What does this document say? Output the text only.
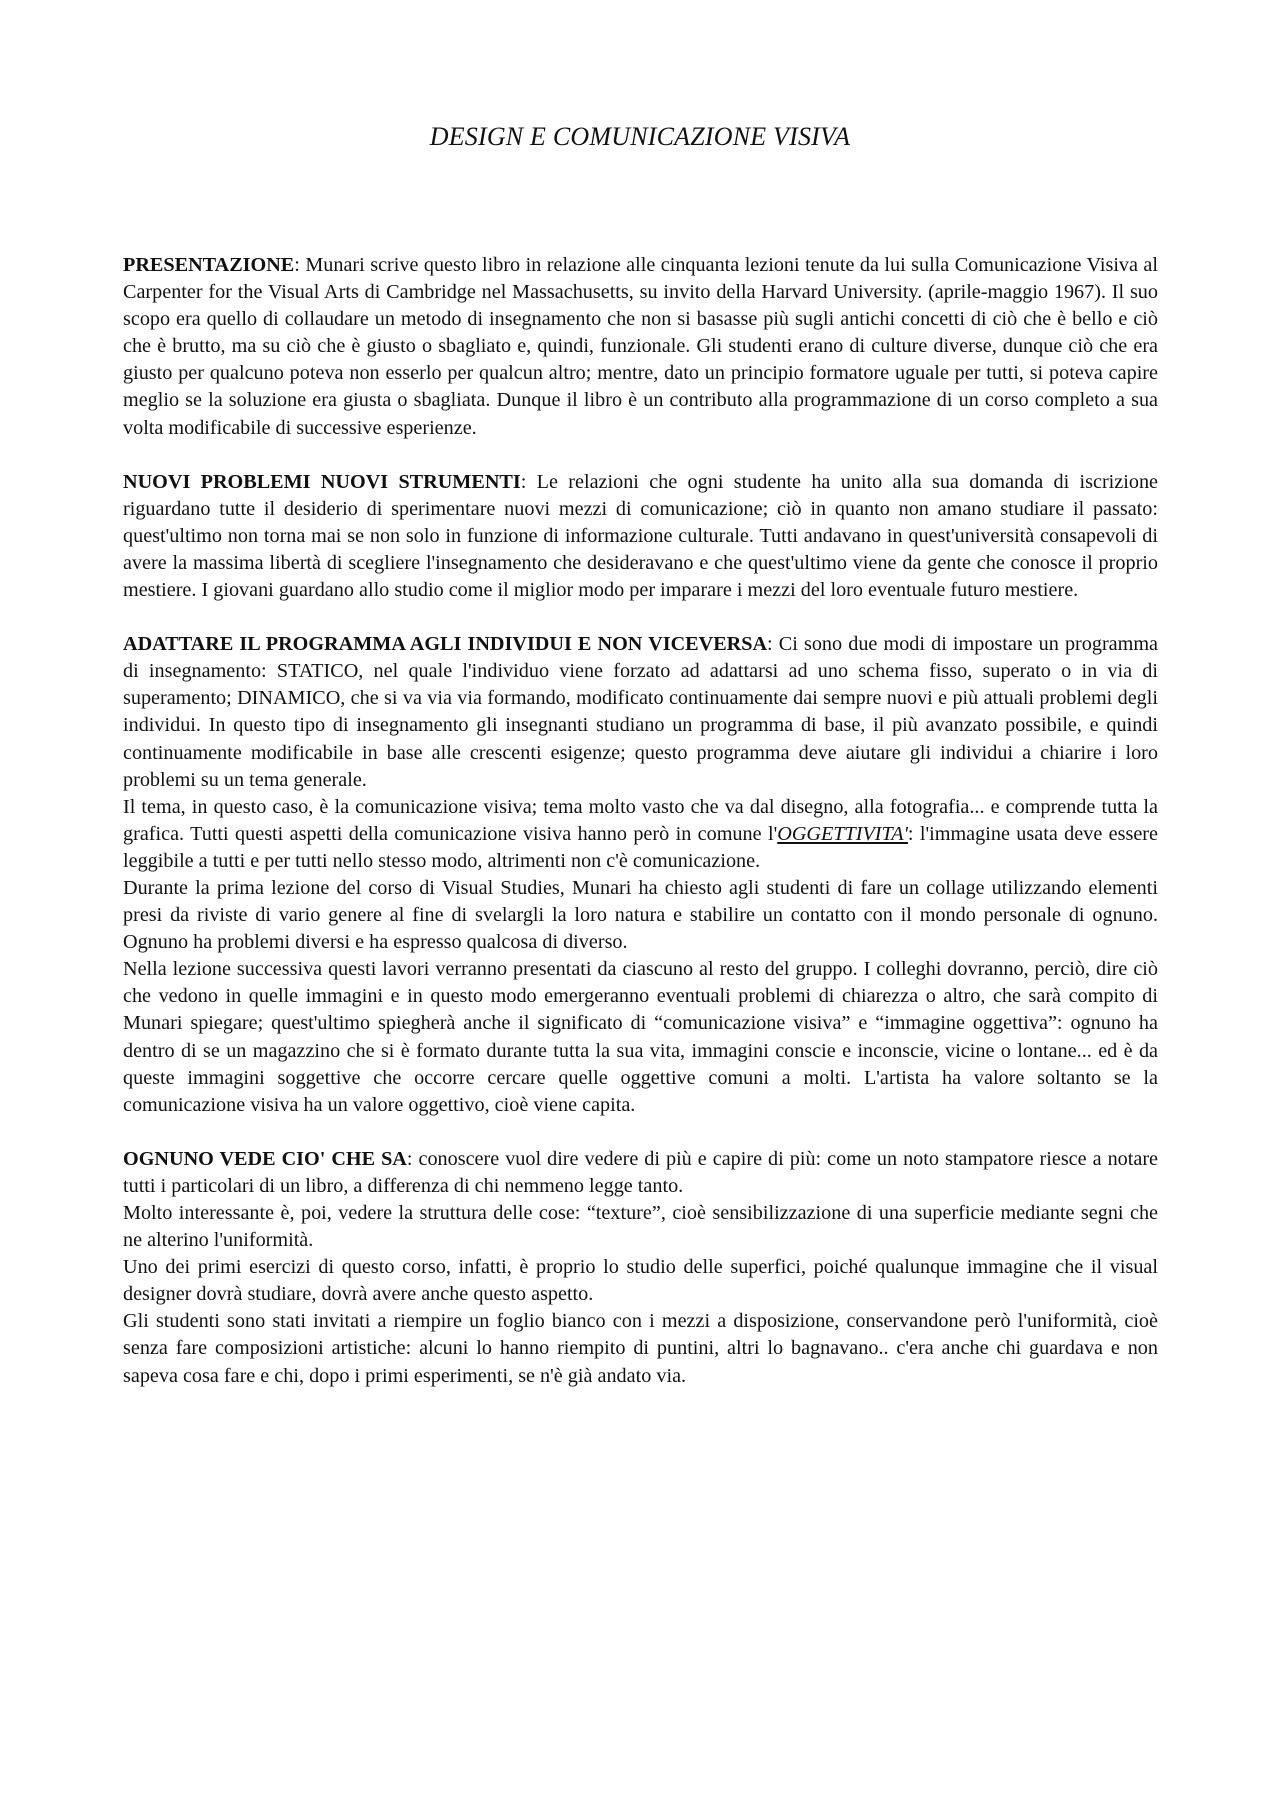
DESIGN E COMUNICAZIONE VISIVA

PRESENTAZIONE: Munari scrive questo libro in relazione alle cinquanta lezioni tenute da lui sulla Comunicazione Visiva al Carpenter for the Visual Arts di Cambridge nel Massachusetts, su invito della Harvard University. (aprile-maggio 1967). Il suo scopo era quello di collaudare un metodo di insegnamento che non si basasse più sugli antichi concetti di ciò che è bello e ciò che è brutto, ma su ciò che è giusto o sbagliato e, quindi, funzionale. Gli studenti erano di culture diverse, dunque ciò che era giusto per qualcuno poteva non esserlo per qualcun altro; mentre, dato un principio formatore uguale per tutti, si poteva capire meglio se la soluzione era giusta o sbagliata. Dunque il libro è un contributo alla programmazione di un corso completo a sua volta modificabile di successive esperienze.

NUOVI PROBLEMI NUOVI STRUMENTI: Le relazioni che ogni studente ha unito alla sua domanda di iscrizione riguardano tutte il desiderio di sperimentare nuovi mezzi di comunicazione; ciò in quanto non amano studiare il passato: quest'ultimo non torna mai se non solo in funzione di informazione culturale. Tutti andavano in quest'università consapevoli di avere la massima libertà di scegliere l'insegnamento che desideravano e che quest'ultimo viene da gente che conosce il proprio mestiere. I giovani guardano allo studio come il miglior modo per imparare i mezzi del loro eventuale futuro mestiere.

ADATTARE IL PROGRAMMA AGLI INDIVIDUI E NON VICEVERSA: Ci sono due modi di impostare un programma di insegnamento: STATICO, nel quale l'individuo viene forzato ad adattarsi ad uno schema fisso, superato o in via di superamento; DINAMICO, che si va via via formando, modificato continuamente dai sempre nuovi e più attuali problemi degli individui. In questo tipo di insegnamento gli insegnanti studiano un programma di base, il più avanzato possibile, e quindi continuamente modificabile in base alle crescenti esigenze; questo programma deve aiutare gli individui a chiarire i loro problemi su un tema generale.

Il tema, in questo caso, è la comunicazione visiva; tema molto vasto che va dal disegno, alla fotografia... e comprende tutta la grafica. Tutti questi aspetti della comunicazione visiva hanno però in comune l'OGGETTIVITA': l'immagine usata deve essere leggibile a tutti e per tutti nello stesso modo, altrimenti non c'è comunicazione.

Durante la prima lezione del corso di Visual Studies, Munari ha chiesto agli studenti di fare un collage utilizzando elementi presi da riviste di vario genere al fine di svelargli la loro natura e stabilire un contatto con il mondo personale di ognuno. Ognuno ha problemi diversi e ha espresso qualcosa di diverso.

Nella lezione successiva questi lavori verranno presentati da ciascuno al resto del gruppo. I colleghi dovranno, perciò, dire ciò che vedono in quelle immagini e in questo modo emergeranno eventuali problemi di chiarezza o altro, che sarà compito di Munari spiegare; quest'ultimo spiegherà anche il significato di “comunicazione visiva” e “immagine oggettiva”: ognuno ha dentro di se un magazzino che si è formato durante tutta la sua vita, immagini conscie e inconscie, vicine o lontane... ed è da queste immagini soggettive che occorre cercare quelle oggettive comuni a molti. L'artista ha valore soltanto se la comunicazione visiva ha un valore oggettivo, cioè viene capita.

OGNUNO VEDE CIO' CHE SA: conoscere vuol dire vedere di più e capire di più: come un noto stampatore riesce a notare tutti i particolari di un libro, a differenza di chi nemmeno legge tanto.

Molto interessante è, poi, vedere la struttura delle cose: “texture”, cioè sensibilizzazione di una superficie mediante segni che ne alterino l'uniformità.

Uno dei primi esercizi di questo corso, infatti, è proprio lo studio delle superfici, poiché qualunque immagine che il visual designer dovrà studiare, dovrà avere anche questo aspetto.

Gli studenti sono stati invitati a riempire un foglio bianco con i mezzi a disposizione, conservandone però l'uniformità, cioè senza fare composizioni artistiche: alcuni lo hanno riempito di puntini, altri lo bagnavano.. c'era anche chi guardava e non sapeva cosa fare e chi, dopo i primi esperimenti, se n'è già andato via.
